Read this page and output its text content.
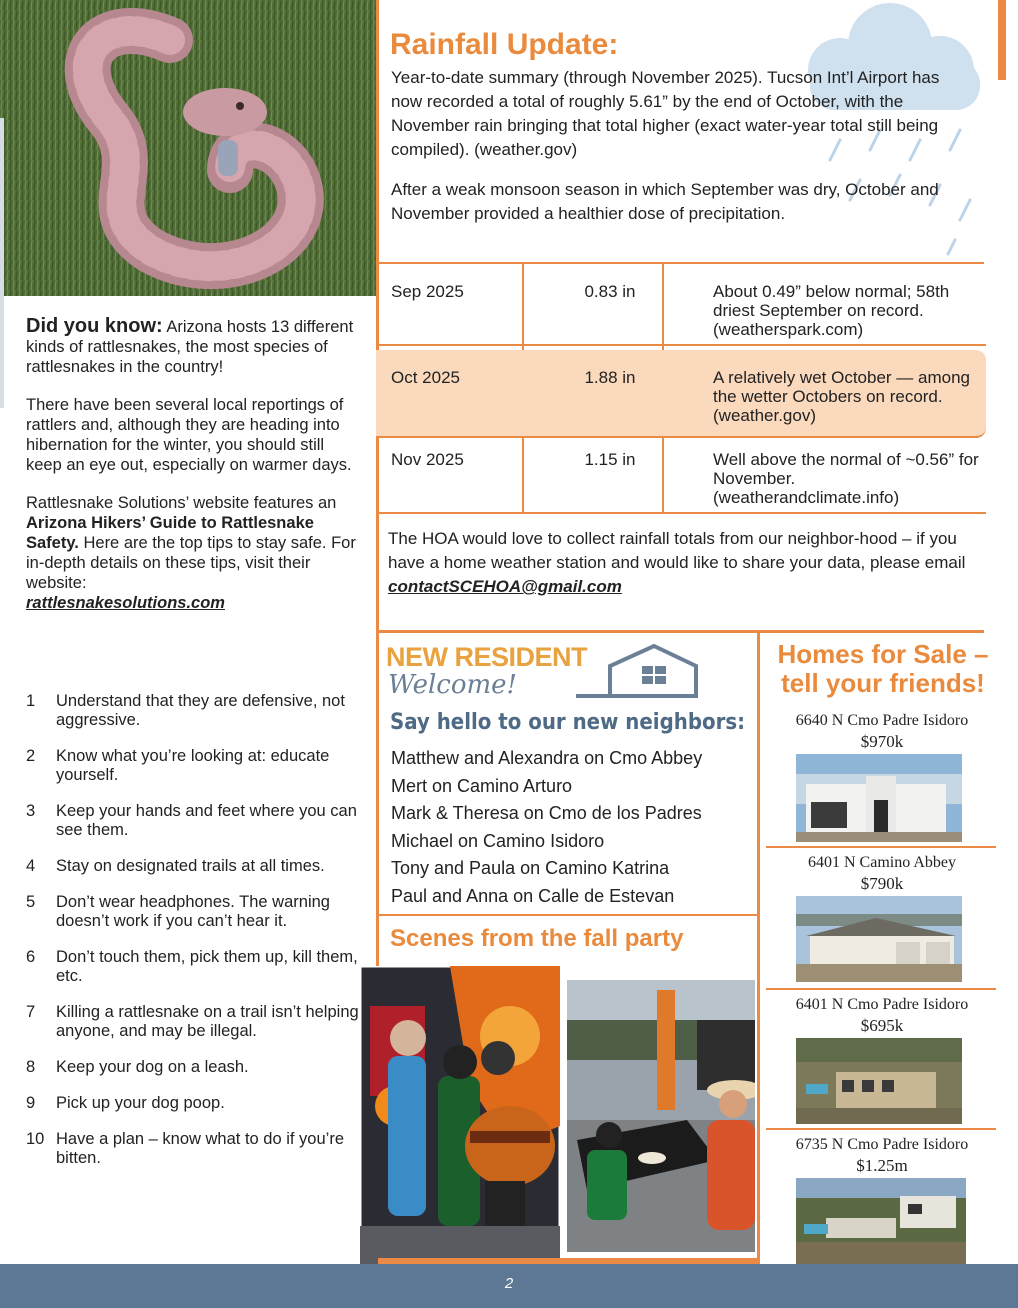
Did you know: Arizona hosts 13 different kinds of rattlesnakes, the most species of rattlesnakes in the country!

There have been several local reportings of rattlers and, although they are heading into hibernation for the winter, you should still keep an eye out, especially on warmer days.

Rattlesnake Solutions’ website features an Arizona Hikers’ Guide to Rattlesnake Safety. Here are the top tips to stay safe. For in-depth details on these tips, visit their website:
rattlesnakesolutions.com

1	Understand that they are defensive, not aggressive.
2	Know what you’re looking at: educate yourself.
3	Keep your hands and feet where you can see them.
4	Stay on designated trails at all times.
5	Don’t wear headphones. The warning doesn’t work if you can’t hear it.
6	Don’t touch them, pick them up, kill them, etc.
7	Killing a rattlesnake on a trail isn’t helping anyone, and may be illegal.
8	Keep your dog on a leash.
9	Pick up your dog poop.
10 Have a plan – know what to do if you’re bitten.
Rainfall Update:

Year-to-date summary (through November 2025). Tucson Int’l Airport has now recorded a total of roughly 5.61” by the end of October, with the November rain bringing that total higher (exact water-year total still being compiled). (weather.gov)

After a weak monsoon season in which September was dry, October and November provided a healthier dose of precipitation.

Sep 2025	0.83 in	About 0.49” below normal; 58th driest September on record. (weatherspark.com)
Oct 2025	1.88 in	A relatively wet October — among the wetter Octobers on record. (weather.gov)
Nov 2025	1.15 in	Well above the normal of ~0.56” for November. (weatherandclimate.info)
The HOA would love to collect rainfall totals from our neighbor-hood – if you have a home weather station and would like to share your data, please email contactSCEHOA@gmail.com
NEW RESIDENT
Welcome!
Say hello to our new neighbors:
Matthew and Alexandra on Cmo Abbey
Mert on Camino Arturo
Mark & Theresa on Cmo de los Padres
Michael on Camino Isidoro
Tony and Paula on Camino Katrina
Paul and Anna on Calle de Estevan
Scenes from the fall party
Homes for Sale –
tell your friends!
6640 N Cmo Padre Isidoro
$970k
6401 N Camino Abbey
$790k
6401 N Cmo Padre Isidoro
$695k
6735 N Cmo Padre Isidoro
$1.25m
2
